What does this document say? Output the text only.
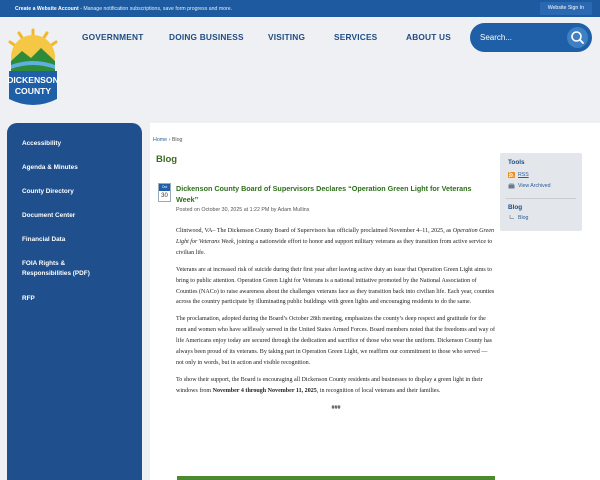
Create a Website Account - Manage notification subscriptions, save form progress and more.	Website Sign In
DICKENSON
COUNTY
GOVERNMENT	DOING BUSINESS	VISITING	SERVICES	ABOUT US
Search...
Accessibility
Agenda & Minutes
County Directory
Document Center
Financial Data
FOIA Rights &
Responsibilities (PDF)
RFP
Home › Blog
Blog
Oct
30
Dickenson County Board of Supervisors Declares “Operation Green Light for Veterans Week”
Posted on October 30, 2025 at 1:22 PM by Adam Mullins

Clintwood, VA– The Dickenson County Board of Supervisors has officially proclaimed November 4–11, 2025, as Operation Green Light for Veterans Week, joining a nationwide effort to honor and support military veterans as they transition from active service to civilian life.

Veterans are at increased risk of suicide during their first year after leaving active duty an issue that Operation Green Light aims to bring to public attention. Operation Green Light for Veterans is a national initiative promoted by the National Association of Counties (NACo) to raise awareness about the challenges veterans face as they transition back into civilian life. Each year, counties across the country participate by illuminating public buildings with green lights and encouraging residents to do the same.

The proclamation, adopted during the Board’s October 28th meeting, emphasizes the county’s deep respect and gratitude for the men and women who have selflessly served in the United States Armed Forces. Board members noted that the freedoms and way of life Americans enjoy today are secured through the dedication and sacrifice of those who wear the uniform. Dickenson County has always been proud of its veterans. By taking part in Operation Green Light, we reaffirm our commitment to those who served — not only in words, but in action and visible recognition.

To show their support, the Board is encouraging all Dickenson County residents and businesses to display a green light in their windows from November 4 through November 11, 2025, in recognition of local veterans and their families.

###

Tools
RSS
View Archived
Blog
Blog
